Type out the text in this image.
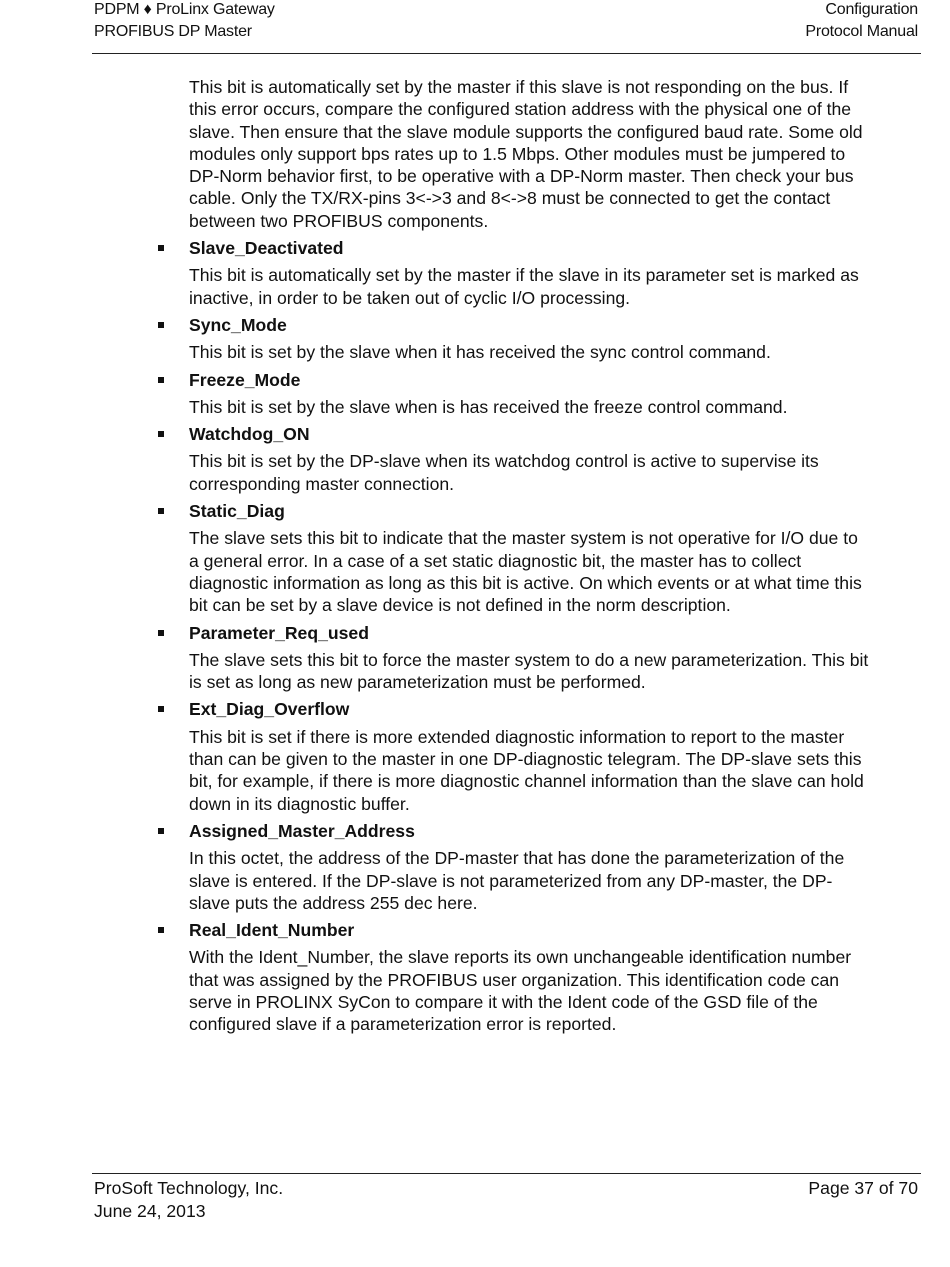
PDPM ♦ ProLinx Gateway
PROFIBUS DP Master
Configuration
Protocol Manual

This bit is automatically set by the master if this slave is not responding on the bus. If this error occurs, compare the configured station address with the physical one of the slave. Then ensure that the slave module supports the configured baud rate. Some old modules only support bps rates up to 1.5 Mbps. Other modules must be jumpered to DP-Norm behavior first, to be operative with a DP-Norm master. Then check your bus cable. Only the TX/RX-pins 3<->3 and 8<->8 must be connected to get the contact between two PROFIBUS components.

Slave_Deactivated

This bit is automatically set by the master if the slave in its parameter set is marked as inactive, in order to be taken out of cyclic I/O processing.

Sync_Mode

This bit is set by the slave when it has received the sync control command.

Freeze_Mode

This bit is set by the slave when is has received the freeze control command.

Watchdog_ON

This bit is set by the DP-slave when its watchdog control is active to supervise its corresponding master connection.

Static_Diag

The slave sets this bit to indicate that the master system is not operative for I/O due to a general error. In a case of a set static diagnostic bit, the master has to collect diagnostic information as long as this bit is active. On which events or at what time this bit can be set by a slave device is not defined in the norm description.

Parameter_Req_used

The slave sets this bit to force the master system to do a new parameterization. This bit is set as long as new parameterization must be performed.

Ext_Diag_Overflow

This bit is set if there is more extended diagnostic information to report to the master than can be given to the master in one DP-diagnostic telegram. The DP-slave sets this bit, for example, if there is more diagnostic channel information than the slave can hold down in its diagnostic buffer.

Assigned_Master_Address

In this octet, the address of the DP-master that has done the parameterization of the slave is entered. If the DP-slave is not parameterized from any DP-master, the DP-slave puts the address 255 dec here.

Real_Ident_Number

With the Ident_Number, the slave reports its own unchangeable identification number that was assigned by the PROFIBUS user organization. This identification code can serve in PROLINX SyCon to compare it with the Ident code of the GSD file of the configured slave if a parameterization error is reported.

ProSoft Technology, Inc.
June 24, 2013
Page 37 of 70
